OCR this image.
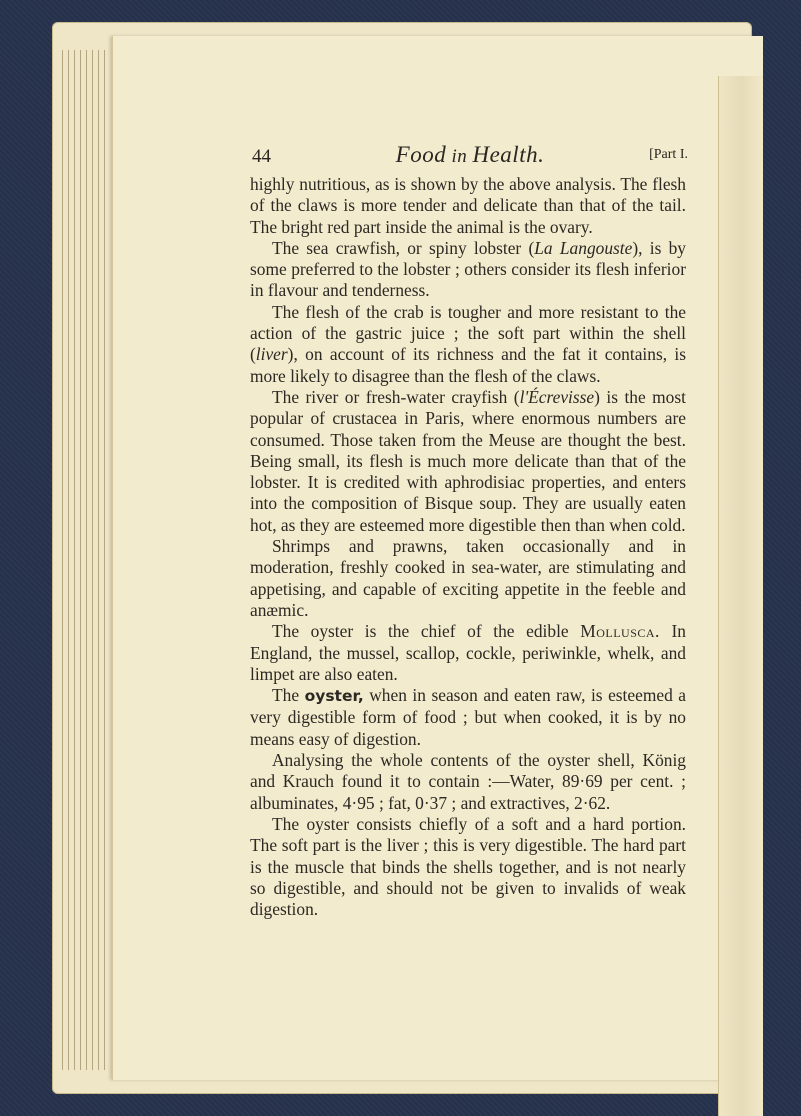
44	Food in Health.	[Part I.

highly nutritious, as is shown by the above analysis. The flesh of the claws is more tender and delicate than that of the tail. The bright red part inside the animal is the ovary.

The sea crawfish, or spiny lobster (La Langouste), is by some preferred to the lobster ; others consider its flesh inferior in flavour and tenderness.

The flesh of the crab is tougher and more resistant to the action of the gastric juice ; the soft part within the shell (liver), on account of its richness and the fat it contains, is more likely to disagree than the flesh of the claws.

The river or fresh-water crayfish (l'Écrevisse) is the most popular of crustacea in Paris, where enormous numbers are consumed. Those taken from the Meuse are thought the best. Being small, its flesh is much more delicate than that of the lobster. It is credited with aphrodisiac properties, and enters into the composition of Bisque soup. They are usually eaten hot, as they are esteemed more digestible then than when cold.

Shrimps and prawns, taken occasionally and in moderation, freshly cooked in sea-water, are stimulating and appetising, and capable of exciting appetite in the feeble and anæmic.

The oyster is the chief of the edible Mollusca. In England, the mussel, scallop, cockle, periwinkle, whelk, and limpet are also eaten.

The oyster, when in season and eaten raw, is esteemed a very digestible form of food ; but when cooked, it is by no means easy of digestion.

Analysing the whole contents of the oyster shell, König and Krauch found it to contain :—Water, 89·69 per cent. ; albuminates, 4·95 ; fat, 0·37 ; and extractives, 2·62.

The oyster consists chiefly of a soft and a hard portion. The soft part is the liver ; this is very digestible. The hard part is the muscle that binds the shells together, and is not nearly so digestible, and should not be given to invalids of weak digestion.
